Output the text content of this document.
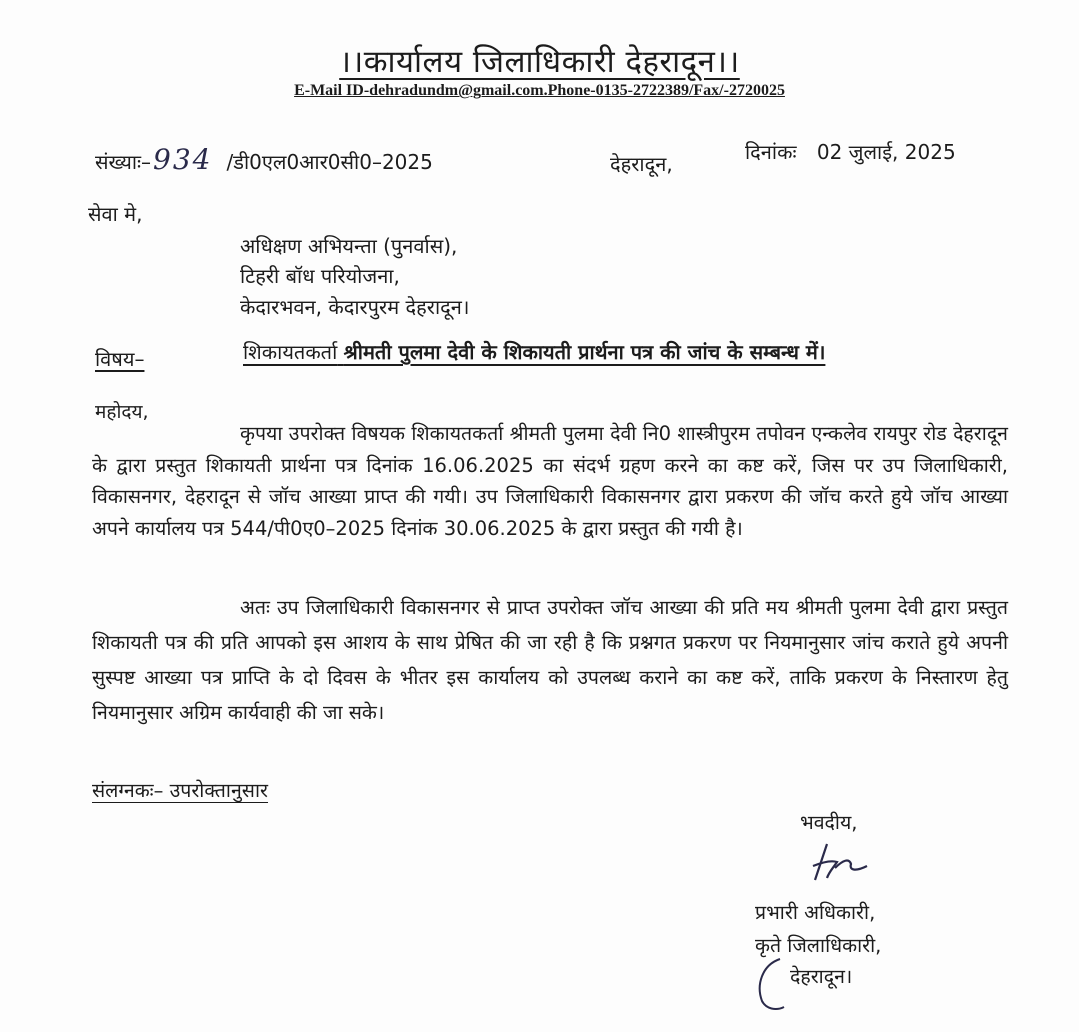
।।कार्यालय जिलाधिकारी देहरादून।।
E-Mail ID-dehradundm@gmail.com.Phone-0135-2722389/Fax/-2720025
संख्याः– 934 /डी0एल0आर0सी0–2025	देहरादून,	दिनांकः 02 जुलाई, 2025
सेवा मे,
अधिक्षण अभियन्ता (पुनर्वास),
टिहरी बॉध परियोजना,
केदारभवन, केदारपुरम देहरादून।
विषय–	शिकायतकर्ता श्रीमती पुलमा देवी के शिकायती प्रार्थना पत्र की जांच के सम्बन्ध में।
महोदय,
कृपया उपरोक्त विषयक शिकायतकर्ता श्रीमती पुलमा देवी नि0 शास्त्रीपुरम तपोवन एन्कलेव रायपुर रोड देहरादून के द्वारा प्रस्तुत शिकायती प्रार्थना पत्र दिनांक 16.06.2025 का संदर्भ ग्रहण करने का कष्ट करें, जिस पर उप जिलाधिकारी, विकासनगर, देहरादून से जॉच आख्या प्राप्त की गयी। उप जिलाधिकारी विकासनगर द्वारा प्रकरण की जॉच करते हुये जॉच आख्या अपने कार्यालय पत्र 544/पी0ए0–2025 दिनांक 30.06.2025 के द्वारा प्रस्तुत की गयी है।
अतः उप जिलाधिकारी विकासनगर से प्राप्त उपरोक्त जॉच आख्या की प्रति मय श्रीमती पुलमा देवी द्वारा प्रस्तुत शिकायती पत्र की प्रति आपको इस आशय के साथ प्रेषित की जा रही है कि प्रश्नगत प्रकरण पर नियमानुसार जांच कराते हुये अपनी सुस्पष्ट आख्या पत्र प्राप्ति के दो दिवस के भीतर इस कार्यालय को उपलब्ध कराने का कष्ट करें, ताकि प्रकरण के निस्तारण हेतु नियमानुसार अग्रिम कार्यवाही की जा सके।
संलग्नकः– उपरोक्तानुसार
भवदीय,
प्रभारी अधिकारी,
कृते जिलाधिकारी,
देहरादून।
